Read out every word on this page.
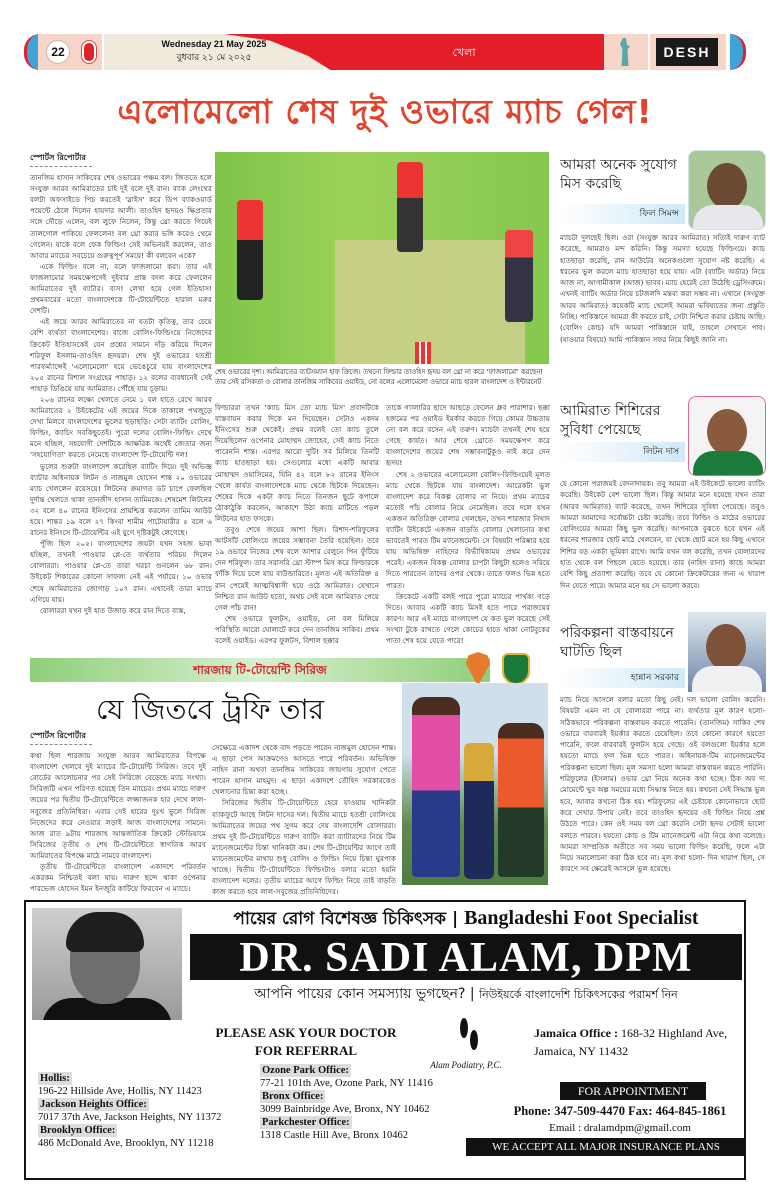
22
Wednesday 21 May 2025
বুধবার ২১ মে ২০২৫	খেলা	DESH
এলোমেলো শেষ দুই ওভারে ম্যাচ গেল!
স্পোর্টস রিপোর্টার

তানজিম হাসান সাকিবের শেষ ওভারের পঞ্চম বল। জিততে হলে সংযুক্ত আরব আমিরাতের চাই দুই বলে দুই রান। ব্যাক লেংথের বলটা অফসাইডে পিচ করতেই 'স্লাইস' করে ডিপ ব্যাকওয়ার্ড পয়েন্টে ঠেলে দিলেন হায়দার আলী। তাওহিদ হৃদয়ও ক্ষিপ্রতার সঙ্গে দৌড়ে এলেন, বল লুফে নিলেন, কিন্তু থ্রো করতে গিয়েই তালগোল পাকিয়ে ফেললেন! বল থ্রো করার ভঙ্গি করেও থেমে গেলেন। যাকে বলে ফেক ফিল্ডিং! সেই অভিনয়ই করলেন, তাও আবার ম্যাচের সবচেয়ে গুরুত্বপূর্ণ সময়ে! কী বলবেন একে?

একে ফিল্ডিং বলে না, বলে ফাজলামো করা। তার এই ফাজলামোর সময়ক্ষেপণেই দুইবার প্রান্ত বদল করে ফেললেন আমিরাতের দুই ব্যাটার। ব্যস! লেখা হয়ে গেল ইতিহাস! প্রথমবারের মতো বাংলাদেশকে টি-টোয়েন্টিতে হারাল মরুর দেশটি।

এই জয়ে আরব আমিরাতের না যতটা কৃতিত্ব, তার চেয়ে বেশি ব্যর্থতা বাংলাদেশের। বাজে বোলিং-ফিল্ডিংয়ে নিজেদের ক্রিকেট ইতিহাসকেই যেন প্রশ্নের সামনে দাঁড় করিয়ে দিলেন শরিফুল ইসলাম-তাওহিদ হৃদয়রা। শেষ দুই ওভারের হতশ্রী পারফর্ম্যান্সেই 'এলোমেলো' হয়ে ভেঙেচুরে যায় বাংলাদেশের ২০৫ রানের বিশাল সংগ্রহের পাহাড়। ১২ বলের ব্যবধানেই সেই পাহাড় ডিঙিয়ে যায় আমিরাত। পৌঁছে যায় চূড়ায়।

২০৬ রানের লক্ষ্যে খেলতে নেমে ১ বল হাতে রেখে আরব আমিরাতের ২ উইকেটের এই জয়ের দিকে তাকালে পথজুড়ে দেখা মিলবে বাংলাদেশের ভুলের ছড়াছড়ি। সেটা ব্যাটিং বোলিং, ফিল্ডিং, ক্যাচিং সবকিছুতেই। পুরো দলের বোলিং-ফিল্ডিং দেখে মনে হচ্ছিল, সহযোগী দেশটিকে আক্ষরিক অর্থেই জেতার জন্য 'সহযোগিতা' করতে নেমেছে বাংলাদেশ টি-টোয়েন্টি দল!

ভুলের শুরুটা বাংলাদেশ করেছিল ব্যাটিং দিয়ে। দুই অভিজ্ঞ ব্যাটার অধিনায়ক লিটন ও নাজমুল হোসেন শান্ত ২০ ওভারের ম্যাচ খেললেন রয়েসয়ে! লিটনের ক্রমাগত ডট চাপে ফেলছিল দুর্দান্ত খেলতে থাকা তানজীদ হাসান তামিমকে। শেষমেশ লিটনের ৩২ বলে ৪০ রানের ইনিংসের প্রায়শ্চিত্ত করলেন তামিম আউট হয়ে। শান্তর ১৯ বলে ২৭ কিংবা শামীম পাটোয়ারীর ৫ বলে ৬ রানের ইনিংসে টি-টোয়েন্টির এই যুগে দৃষ্টিকটুই লেগেছে।

পুঁজি ছিল ২০৫। বাংলাদেশের জয়টা যখন সহজ ভাবা হচ্ছিল, তখনই পাওয়ার প্লে-তে ব্যর্থতার পরিচয় দিলেন বোলাররা। পাওয়ার প্লে-তে তারা খরচা গুনলেন ৬৮ রান। উইকেট শিকারের কোনো সাফল্য নেই এই পর্যায়ে। ১০ ওভার শেষে আমিরাতের জোগাড় ১০৭ রান। এখানেই তারা ম্যাচে এগিয়ে যায়।

বোলাররা যখন দুই হাত উজাড় করে রান দিতে ব্যস্ত,

শেষ ওভারের দৃশ্য। আমিরাতের ব্যাটসম্যান হাফ ক্রিজে। তখনো ফিল্ডার তাওহিদ হৃদয় বল থ্রো না করে 'ফাজলামো' করছেন! তার সেই রসিকতা ও বোলার তানজিম সাকিবের ওয়াইড, নো বলের এলোমেলো ওভারে ম্যাচ হারল বাংলাদেশ ও ইন্টারনেট

ফিল্ডাররা তখন 'ক্যাচ মিস তো ম্যাচ মিস' প্রবাদটিকে বাস্তবায়ন করার দিকে মন দিয়েছেন। সেটাও একদম ইনিংসের শুরু থেকেই। প্রথম বলেই তো ক্যাচ তুলে দিয়েছিলেন ওপেনার মোহাম্মদ জোহেব, সেই ক্যাচ নিতে পারেননি শান্ত। এরপর আরো দুটি! সব মিলিয়ে তিনটি ক্যাচ হাতছাড়া হয়। সেগুলোর মধ্যে একটি আবার মোহাম্মদ ওয়াসিমের, যিনি ৪২ বলে ৮২ রানের ইনিংস খেলে কার্যত বাংলাদেশকে ম্যাচ থেকে ছিটকে দিয়েছেন। শেষের দিকে একটা ক্যাচ নিতে তিনজন ছুটে কপালে ঠোকাঠুকি করলেন, আকাশে উঠা ক্যাচ মাটিতে পড়ল লিটনের হাত ফসকে।

তবুও শেষে জয়ের আশা ছিল। রিশাদ-শরিফুলের আটসাঁট বোলিংয়ে জয়ের সম্ভাবনা তৈরি হয়েছিল। তবে ১৯ ওভারে নিজের শেষ বলে আশার বেলুনে পিন ফুঁটিয়ে দেন শরিফুল। তার সরাসরি থ্রো স্টাম্প মিস করে ফিল্ডারকে ফাঁকি দিয়ে চলে যায় বাউন্ডারিতে। মূলত এই অতিরিক্ত ৪ রান পেয়েই আত্মবিশ্বাসী হয়ে ওঠে আমিরাত। যেখানে নিশ্চিত রান আউট হতো, অথচ সেই বলে আমিরাত পেয়ে গেল পাঁচ রান!

শেষ ওভারে ফুলটস, ওয়াইড, নো বল মিলিয়ে পরিস্থিতি আরো ঘোলাটে করে দেন তানজিম সাকিব। প্রথম বলেই ওয়াইড। এরপর ফুলটস, বিশাল ছক্কার

তাকে গ্যালারির ছাদে আছড়ে ফেলেন ধ্রুব পারাশার। ছক্কা হজমের পর ওয়াইড ইয়র্কার করতে গিয়ে কোমর উচ্চতায় নো বল করে বসেন এই তরুণ। ম্যাচটা তখনই শেষ হয়ে গেছে কার্যত। আর শেষে থ্রোতে সময়ক্ষেপণ করে বাংলাদেশের জয়ের শেষ সম্ভাবনাটুকুও নাই করে দেন হৃদয়!

শেষ ২ ওভারের এলোমেলো বোলিং-ফিল্ডিংয়েই মূলত ম্যাচ থেকে ছিটকে যায় বাংলাদেশ। আরেকটা ভুল বাংলাদেশ করে বিকল্প বোলার না নিয়ে। প্রথম ম্যাচের মতোই পাঁচ বোলার নিয়ে নেমেছিল। তবে দলে যখন একজন অতিরিক্ত বোলার খেলছেন, তখন শারজার নিখাদ ব্যাটিং উইকেটে একজন বাড়তি বোলার খেলানোর কথা ভাবতেই পারত টিম ম্যানেজমেন্ট। সে বিষয়টা পরিষ্কার হয়ে যায় অভিষিক্ত নাহিদের বিভীষিকাময় প্রথম ওভারের পরেই। একজন বিকল্প বোলার চাপটা কিছুটা হলেও সরিয়ে দিতে পারতেন তাদের ওপর থেকে। তাতে ফলও ভিন্ন হতে পারত।

ক্রিকেটে একটি বলই পারে পুরো ম্যাচের পার্থক্য গড়ে দিতে। আবার একটি ক্যাচ মিসই হতে পারে পরাজয়ের কারণ। আর এই ম্যাচে বাংলাদেশ যে কত ভুল করেছে সেই সংখ্যা টুকে রাখতে গেলে কোচের হাতে থাকা নোটবুকের পাতা শেষ হয়ে যেতে পারে!

আমরা অনেক সুযোগ মিস করেছি
ফিল সিমন্স
ম্যাচটা দুলছেই ছিল। ওরা (সংযুক্ত আরব আমিরাত) সত্যিই দারুণ ব্যাট করেছে, আমরাও মন্দ করিনি। কিন্তু সমস্যা হয়েছে ফিল্ডিংয়ে। ক্যাচ হাতছাড়া করেছি, রান আউটের অনেকগুলো সুযোগ নষ্ট করেছি। এ ধরনের ভুল করলে ম্যাচ হাতছাড়া হয়ে যায়। এটা (ব্যাটিং অর্ডার) নিয়ে আজ না, আগামীকাল (আজ) ভাবব। ম্যাচ হেরেই তো উঠেছি ড্রেসিংরুমে। এখনই ব্যাটিং অর্ডার নিয়ে চটজলদি মন্তব্য করা সম্ভব না। এখানে (সংযুক্ত আরব আমিরাত) কয়েকটি ম্যাচ খেলেই আমরা ভবিষ্যতের জন্য প্রস্তুতি নিচ্ছি। পাকিস্তানে আমরা কী করতে চাই, সেটা নিশ্চিত করার চেষ্টায় আছি। (বোলিং কোচ) যদি আমরা পাকিস্তানে যাই, তাহলে সেখানে পাব। (যাওয়ার বিষয়ে) আমি পাকিস্তান সফর নিয়ে কিছুই জানি না।
আমিরাত শিশিরের সুবিধা পেয়েছে
লিটন দাস
যে কোনো পরাজয়ই বেদনাদায়ক। তবু আমরা এই উইকেটে ভালো ব্যাটিং করেছি। উইকেট বেশ ভালো ছিল। কিন্তু আমার মনে হয়েছে যখন তারা (আরব আমিরাত) ব্যাট করেছে, তখন শিশিরের সুবিধা পেয়েছে। তবুও আমরা আমাদের সর্বোচ্চটা চেষ্টা করেছি। তবে ফিল্ডিং ও মাঠের ওভারের বোলিংয়ের আমরা কিছু ভুল করেছি। আপনাকে বুঝতে হবে যখন এই ধরনের শারজার ছোট মাঠে খেলবেন, যা থেকে ছোট মনে হয় কিছু এখানে শিশির বড় একটা ভূমিকা রাখে। আমি যখন বল করেছি, তখন বোলারদের হাত থেকে বল পিছলে যেতে হয়েছে। তার (নাহিদ রানা) কাছে আমরা বেশি কিছু প্রত্যাশা করেছি। তবে যে কোনো ক্রিকেটারের জন্য এ খারাপ দিন যেতে পারে। আমার মনে হয় সে ভালো করবে।
পরিকল্পনা বাস্তবায়নে ঘাটতি ছিল
হান্নান সরকার
ম্যাচ নিয়ে আসলে বলার মতো কিছু নেই। দল ভালো বোলিং করেনি। বিষয়টা এমন না যে বোলাররা পারে না। ব্যর্থতার মূল কারণ হলো- সঠিকভাবে পরিকল্পনা বাস্তবায়ন করতে পারেনি। (তানজিম) সাকিব শেষ ওভারে বারবারই ইয়র্কার করতে চেয়েছিল। তবে কোনো কারণে হয়তো পারেনি, ফলে বারবারই ফুলটস হয়ে গেছে। ওই বলগুলো ইয়র্কার হলে হয়তো ম্যাচে ফল ভিন্ন হতে পারত। অধিনায়ক-টিম ম্যানেজমেন্টের পরিকল্পনা ভালো ছিল। মূল সমস্যা হলো আমরা বাস্তবায়ন করতে পারিনি। শরিফুলের (ইসলাম) ওভার থ্রো নিয়ে অনেক কথা হচ্ছে। ঠিক অব দ্য মোমেন্টে খুব অল্প সময়ের মধ্যে সিদ্ধান্ত নিতে হয়। কখনো সেই সিদ্ধান্ত ভুল হবে, আবার কখনো ঠিক হয়। শরিফুলের এই চেষ্টাকে কোনোভাবে ছোট করে দেখার উপায় নেই। তবে তাওহিদ হৃদয়ের ওই ফিল্ডিং নিয়ে প্রশ্ন উঠতে পারে। কেন ওই সময় বল থ্রো করেনি সেটা হৃদয় সেটাই ভালো বলতে পারবে। হয়তো কোচ ও টিম ম্যানেজমেন্ট এটা নিয়ে কথা বলেছে। আমরা সাম্প্রতিক অতীতে সব সময় ভালো ফিল্ডিং করেছি, ফলে এটা নিয়ে সমালোচনা করা ঠিক হবে না। মূল কথা হলো- দিন খারাপ ছিল, সে কারণে সব ক্ষেত্রেই আসলে ভুল হয়েছে।
শারজায় টি-টোয়েন্টি সিরিজ
যে জিতবে ট্রফি তার
স্পোর্টস রিপোর্টার

কথা ছিল শারজায় সংযুক্ত আরব আমিরাতের বিপক্ষে বাংলাদেশ খেলবে দুই ম্যাচের টি-টোয়েন্টি সিরিজ। তবে দুই বোর্ডের আলোচনার পর সেই সিরিজে বেড়েছে ম্যাচ সংখ্যা। সিরিজটি এখন পরিণত হয়েছে তিন ম্যাচের। প্রথম ম্যাচে দারুণ জয়ের পর দ্বিতীয় টি-টোয়েন্টিতে লজ্জাজনক হার দেখে লাল-সবুজের প্রতিনিধিরা। এবার সেই হারের দুঃখ ভুলে সিরিজ নিজেদের করে নেওয়ার লড়াই আজ বাংলাদেশের সামনে। আজ রাত ৯টায় শারজাহ আন্তর্জাতিক ক্রিকেট স্টেডিয়ামে সিরিজের তৃতীয় ও শেষ টি-টোয়েন্টিতে স্বাগতিক আরব আমিরাতের বিপক্ষে মাঠে নামবে বাংলাদেশ।

তৃতীয় টি-টোয়েন্টিতে বাংলাদেশ একাদশে পরিবর্তন একরকম নিশ্চিতই বলা যায়। দারুণ ছন্দে থাকা ওপেনার পারভেজ হোসেন ইমন ইনজুরি কাটিয়ে ফিরবেন এ ম্যাচে।

সেক্ষেত্রে একাদশ থেকে বাদ পড়তে পারেন নাজমুল হোসেন শান্ত। এ ছাড়া পেস আক্রমণেও আসতে পারে পরিবর্তন। অভিষিক্ত নাহিদ রানা অথবা তানজিম সাকিবের জায়গায় সুযোগ পেতে পারেন হাসান মাহমুদ। এ ছাড়া একাদশে তৌহিদ সরকারকেও খেলানোর চিন্তা করা হচ্ছে।

সিরিজের দ্বিতীয় টি-টোয়েন্টিতে হেরে যাওয়ায় খানিকটা ব্যাকফুটে আছে লিটন দাসের দল। দ্বিতীয় ম্যাচে হতশ্রী বোলিংয়ে আমিরাতের জয়ের পথ সুগম করে দেয় বাংলাদেশি বোলাররা। প্রথম দুই টি-টোয়েন্টিতে দারুণ ব্যাটিং করা ব্যাটারদের নিয়ে টিম ম্যানেজমেন্টের চিন্তা খানিকটা কম। শেষ টি-টোয়েন্টির আগে তাই ম্যানেজমেন্টের মাথায় শুধু বোলিং ও ফিল্ডিং নিয়ে চিন্তা ঘুরপাক খাচ্ছে। দ্বিতীয় টি-টোয়েন্টিতে ফিল্ডিংটাও বলার মতো হয়নি বাংলাদেশ দলের। তৃতীয় ম্যাচের আগে ফিল্ডিং নিয়ে তাই বাড়তি কাজ করতে হবে লাল-সবুজের প্রতিনিধিদের।

পায়ের রোগ বিশেষজ্ঞ চিকিৎসক | Bangladeshi Foot Specialist
DR. SADI ALAM, DPM
আপনি পায়ের কোন সমস্যায় ভুগছেন? | নিউইয়র্কে বাংলাদেশি চিকিৎসকের পরামর্শ নিন
PLEASE ASK YOUR DOCTOR FOR REFERRAL
Alam Podiatry, P.C.
Jamaica Office : 168-32 Highland Ave, Jamaica, NY 11432
Hollis:
196-22 Hillside Ave, Hollis, NY 11423
Jackson Heights Office:
7017 37th Ave, Jackson Heights, NY 11372
Brooklyn Office:
486 McDonald Ave, Brooklyn, NY 11218
Ozone Park Office:
77-21 101th Ave, Ozone Park, NY 11416
Bronx Office:
3099 Bainbridge Ave, Bronx, NY 10462
Parkchester Office:
1318 Castle Hill Ave, Bronx 10462
FOR APPOINTMENT
Phone: 347-509-4470 Fax: 464-845-1861
Email : dralamdpm@gmail.com
WE ACCEPT ALL MAJOR INSURANCE PLANS
